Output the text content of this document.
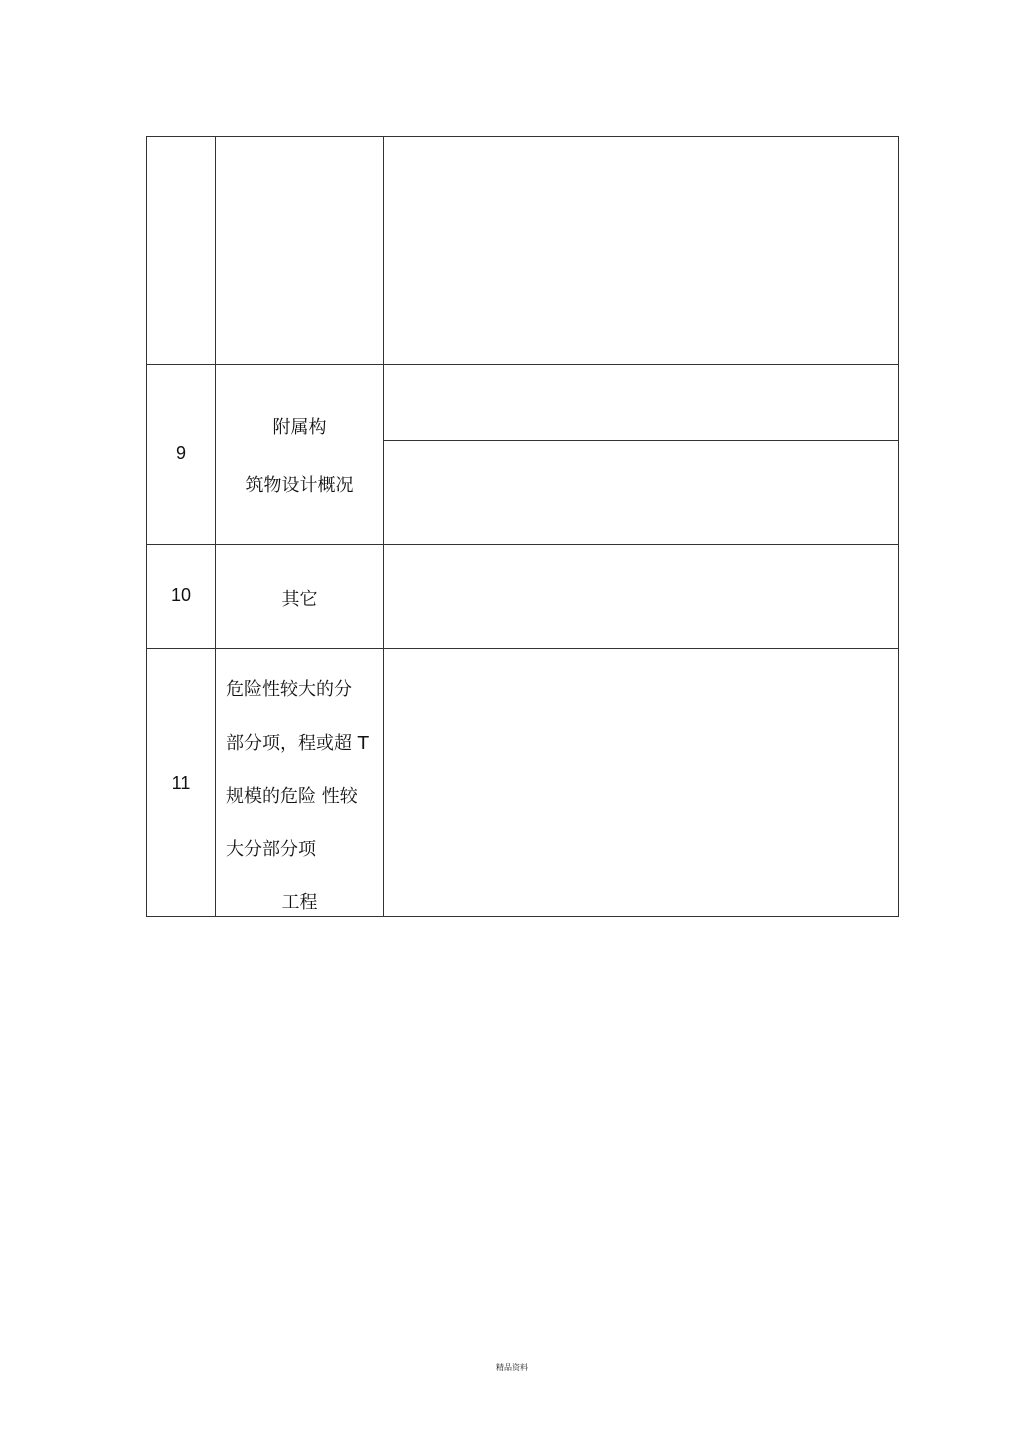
9
附属构
筑物设计概况
10	其它
11
危险性较大的分
部分项，程或超 T
规模的危险 性较
大分部分项
工程
精品资料
